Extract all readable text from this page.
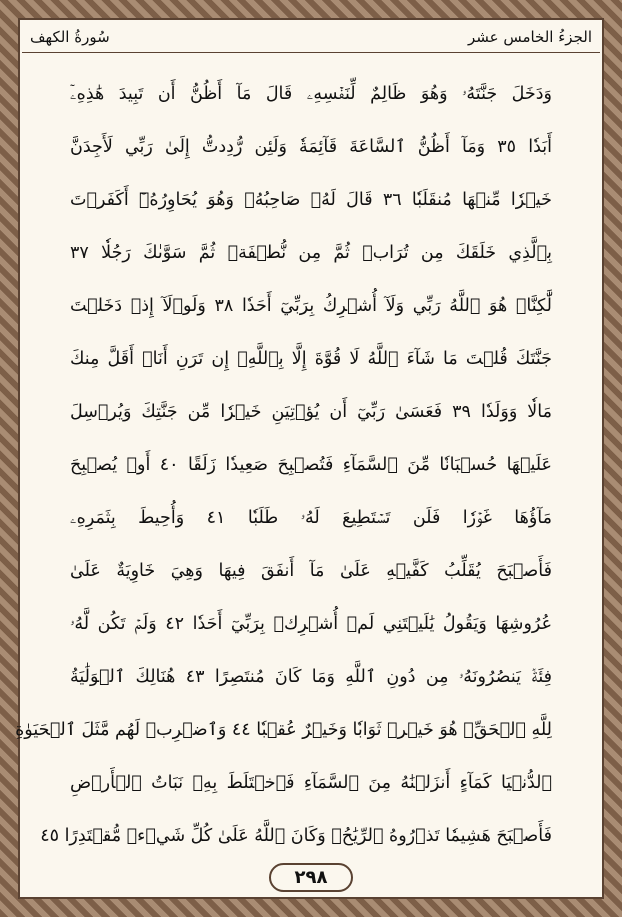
الجزءُ الخامس عشر
سُورةُ الكهف
وَدَخَلَ جَنَّتَهُۥ وَهُوَ ظَالِمٌ لِّنَفۡسِهِۦ قَالَ مَآ أَظُنُّ أَن تَبِيدَ هَٰذِهِۦٓ
أَبَدٗا ٣٥ وَمَآ أَظُنُّ ٱلسَّاعَةَ قَآئِمَةٗ وَلَئِن رُّدِدتُّ إِلَىٰ رَبِّي لَأَجِدَنَّ
خَيۡرٗا مِّنۡهَا مُنقَلَبٗا ٣٦ قَالَ لَهُۥ صَاحِبُهُۥ وَهُوَ يُحَاوِرُهُۥٓ أَكَفَرۡتَ
بِٱلَّذِي خَلَقَكَ مِن تُرَابٖ ثُمَّ مِن نُّطۡفَةٖ ثُمَّ سَوَّىٰكَ رَجُلٗا ٣٧
لَّٰكِنَّا۠ هُوَ ٱللَّهُ رَبِّي وَلَآ أُشۡرِكُ بِرَبِّيٓ أَحَدٗا ٣٨ وَلَوۡلَآ إِذۡ دَخَلۡتَ
جَنَّتَكَ قُلۡتَ مَا شَآءَ ٱللَّهُ لَا قُوَّةَ إِلَّا بِٱللَّهِۚ إِن تَرَنِ أَنَا۠ أَقَلَّ مِنكَ
مَالٗا وَوَلَدٗا ٣٩ فَعَسَىٰ رَبِّيٓ أَن يُؤۡتِيَنِ خَيۡرٗا مِّن جَنَّتِكَ وَيُرۡسِلَ
عَلَيۡهَا حُسۡبَانٗا مِّنَ ٱلسَّمَآءِ فَتُصۡبِحَ صَعِيدٗا زَلَقًا ٤٠ أَوۡ يُصۡبِحَ
مَآؤُهَا غَوۡرٗا فَلَن تَسۡتَطِيعَ لَهُۥ طَلَبٗا ٤١ وَأُحِيطَ بِثَمَرِهِۦ
فَأَصۡبَحَ يُقَلِّبُ كَفَّيۡهِ عَلَىٰ مَآ أَنفَقَ فِيهَا وَهِيَ خَاوِيَةٌ عَلَىٰ
عُرُوشِهَا وَيَقُولُ يَٰلَيۡتَنِي لَمۡ أُشۡرِكۡ بِرَبِّيٓ أَحَدٗا ٤٢ وَلَمۡ تَكُن لَّهُۥ
فِئَةٞ يَنصُرُونَهُۥ مِن دُونِ ٱللَّهِ وَمَا كَانَ مُنتَصِرًا ٤٣ هُنَالِكَ ٱلۡوَلَٰيَةُ
لِلَّهِ ٱلۡحَقِّۚ هُوَ خَيۡرٞ ثَوَابٗا وَخَيۡرٌ عُقۡبٗا ٤٤ وَٱضۡرِبۡ لَهُم مَّثَلَ ٱلۡحَيَوٰةِ
ٱلدُّنۡيَا كَمَآءٍ أَنزَلۡنَٰهُ مِنَ ٱلسَّمَآءِ فَٱخۡتَلَطَ بِهِۦ نَبَاتُ ٱلۡأَرۡضِ
فَأَصۡبَحَ هَشِيمٗا تَذۡرُوهُ ٱلرِّيَٰحُۗ وَكَانَ ٱللَّهُ عَلَىٰ كُلِّ شَيۡءٖ مُّقۡتَدِرًا ٤٥
٢٩٨
